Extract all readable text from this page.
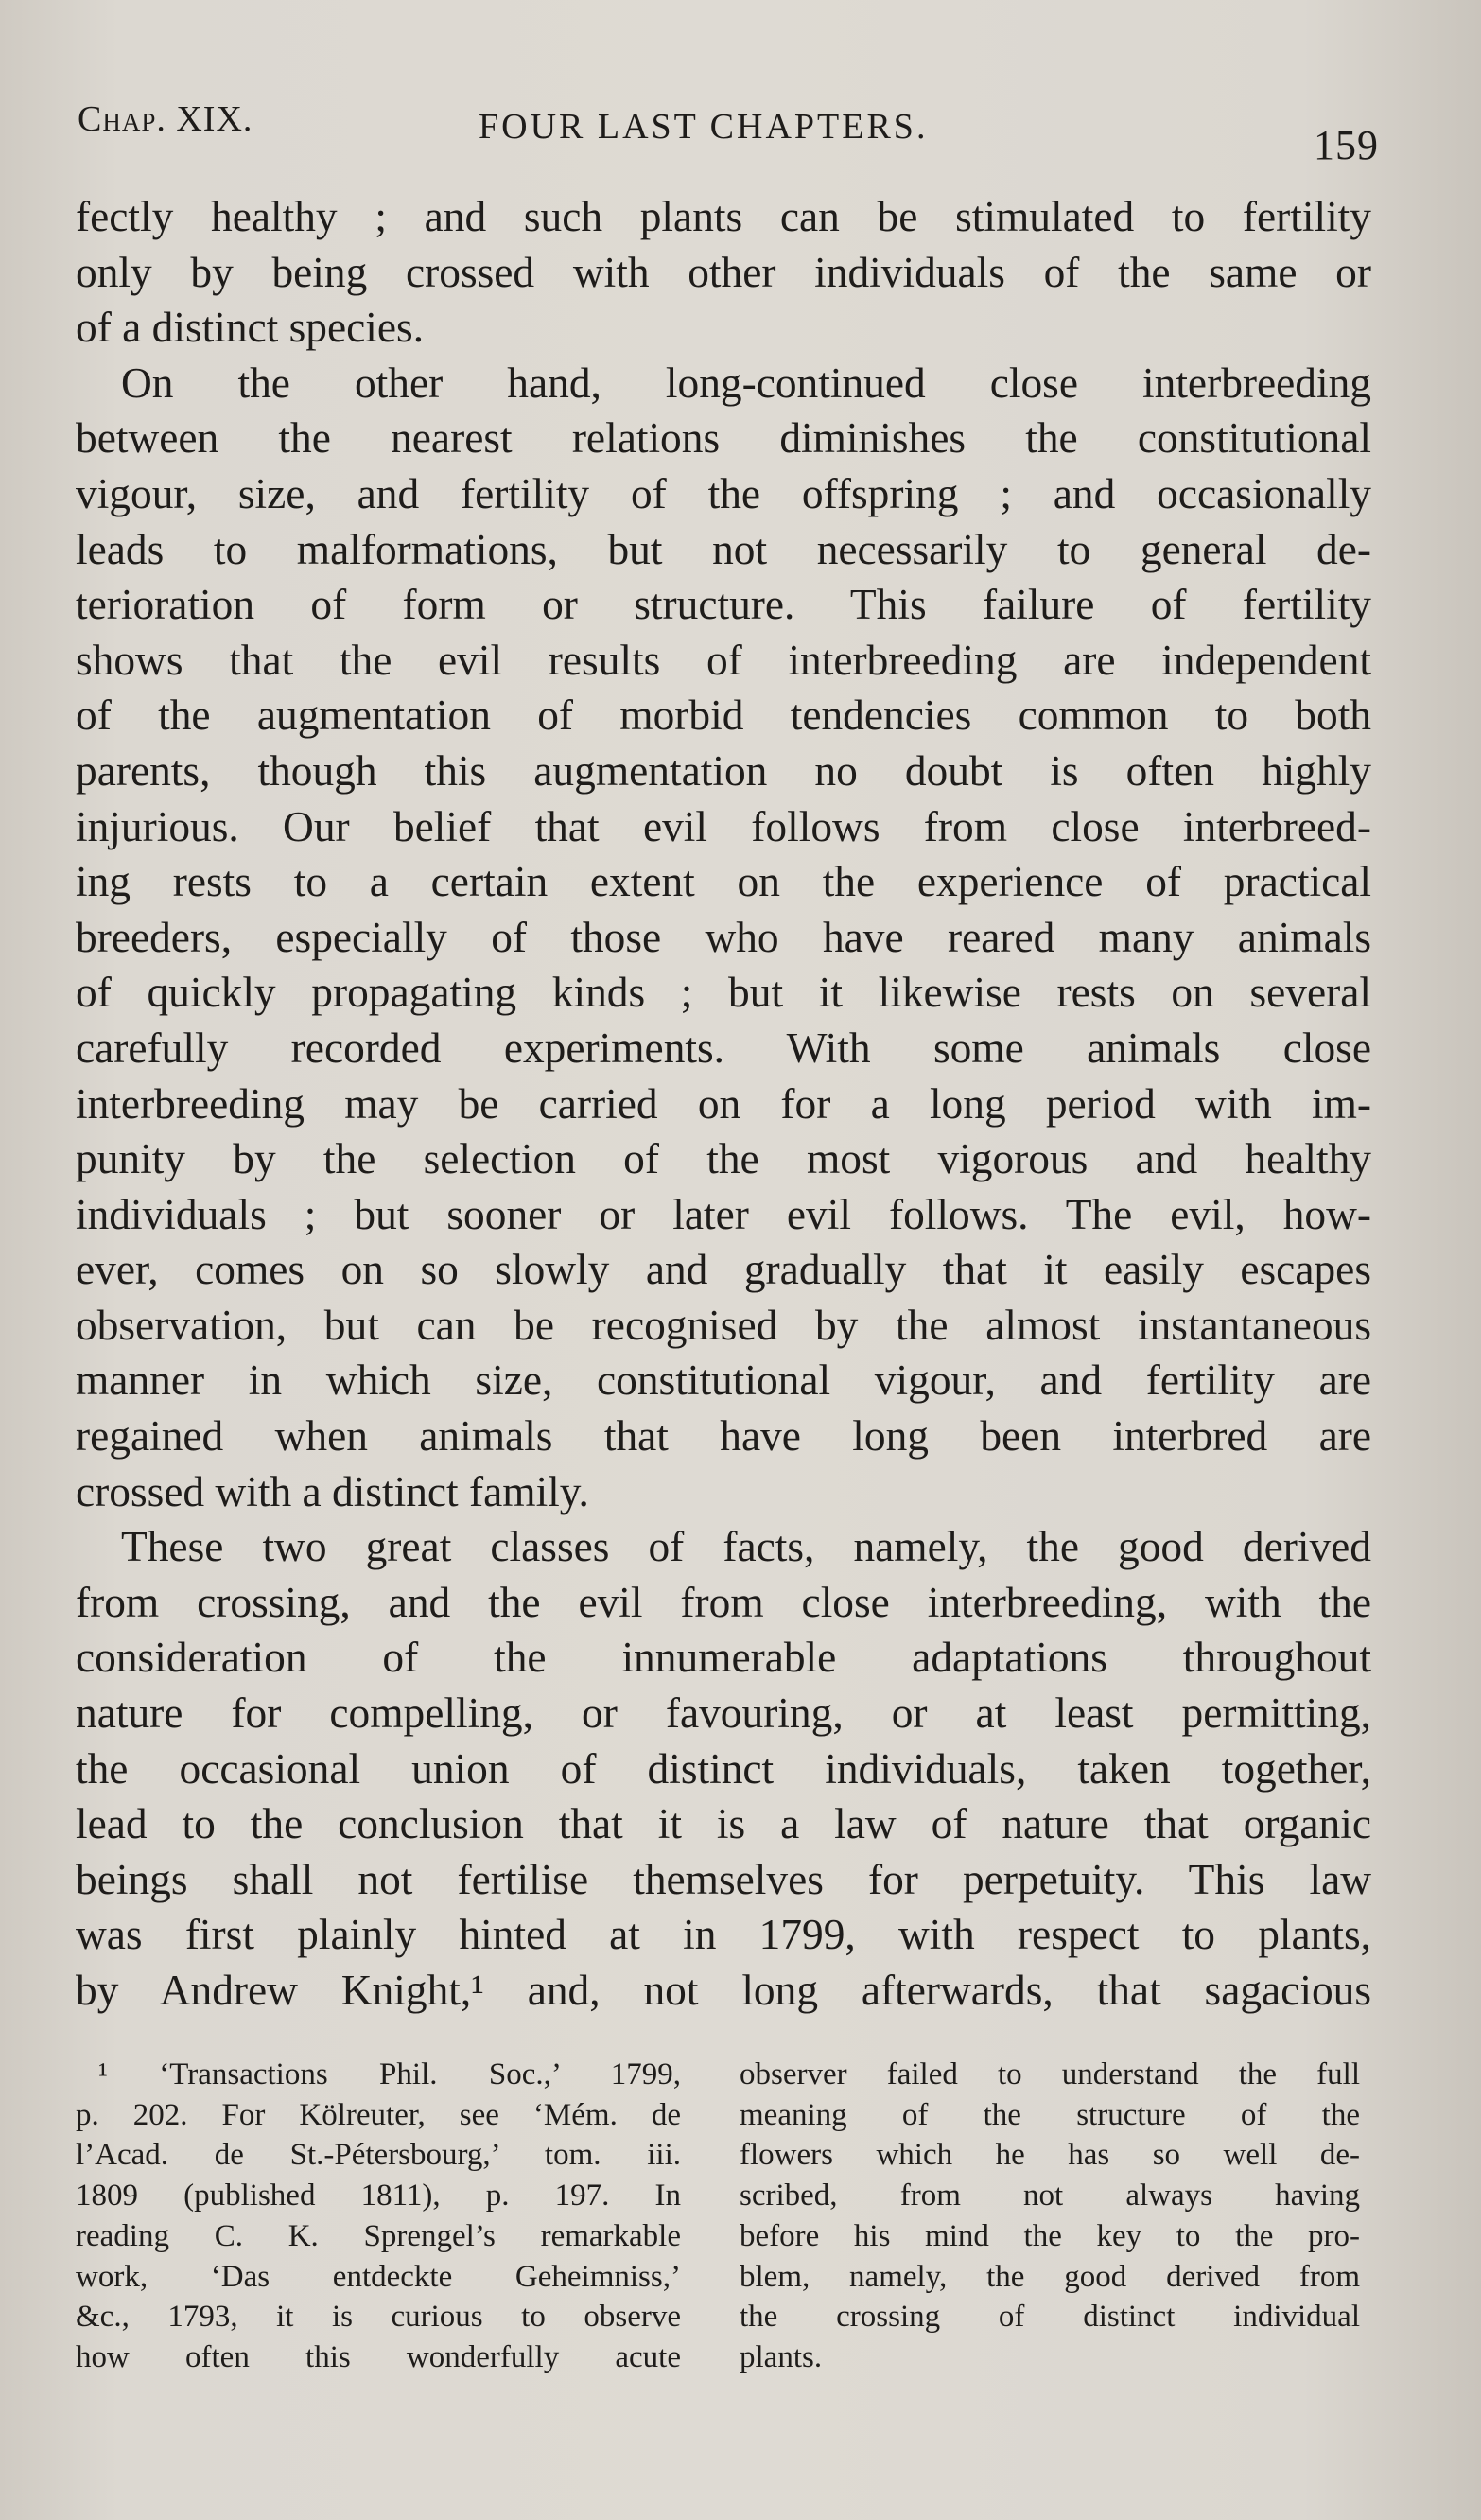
Chap. XIX.	FOUR LAST CHAPTERS.	159
fectly healthy ; and such plants can be stimulated to fertility
only by being crossed with other individuals of the same or
of a distinct species.
On the other hand, long-continued close interbreeding
between the nearest relations diminishes the constitutional
vigour, size, and fertility of the offspring ; and occasionally
leads to malformations, but not necessarily to general de-
terioration of form or structure. This failure of fertility
shows that the evil results of interbreeding are independent
of the augmentation of morbid tendencies common to both
parents, though this augmentation no doubt is often highly
injurious. Our belief that evil follows from close interbreed-
ing rests to a certain extent on the experience of practical
breeders, especially of those who have reared many animals
of quickly propagating kinds ; but it likewise rests on several
carefully recorded experiments. With some animals close
interbreeding may be carried on for a long period with im-
punity by the selection of the most vigorous and healthy
individuals ; but sooner or later evil follows. The evil, how-
ever, comes on so slowly and gradually that it easily escapes
observation, but can be recognised by the almost instantaneous
manner in which size, constitutional vigour, and fertility are
regained when animals that have long been interbred are
crossed with a distinct family.
These two great classes of facts, namely, the good derived
from crossing, and the evil from close interbreeding, with the
consideration of the innumerable adaptations throughout
nature for compelling, or favouring, or at least permitting,
the occasional union of distinct individuals, taken together,
lead to the conclusion that it is a law of nature that organic
beings shall not fertilise themselves for perpetuity. This law
was first plainly hinted at in 1799, with respect to plants,
by Andrew Knight,¹ and, not long afterwards, that sagacious
¹ ‘Transactions Phil. Soc.,’ 1799,
p. 202. For Kölreuter, see ‘Mém. de
l’Acad. de St.-Pétersbourg,’ tom. iii.
1809 (published 1811), p. 197. In
reading C. K. Sprengel’s remarkable
work, ‘Das entdeckte Geheimniss,’
&c., 1793, it is curious to observe
how often this wonderfully acute
observer failed to understand the full
meaning of the structure of the
flowers which he has so well de-
scribed, from not always having
before his mind the key to the pro-
blem, namely, the good derived from
the crossing of distinct individual
plants.
